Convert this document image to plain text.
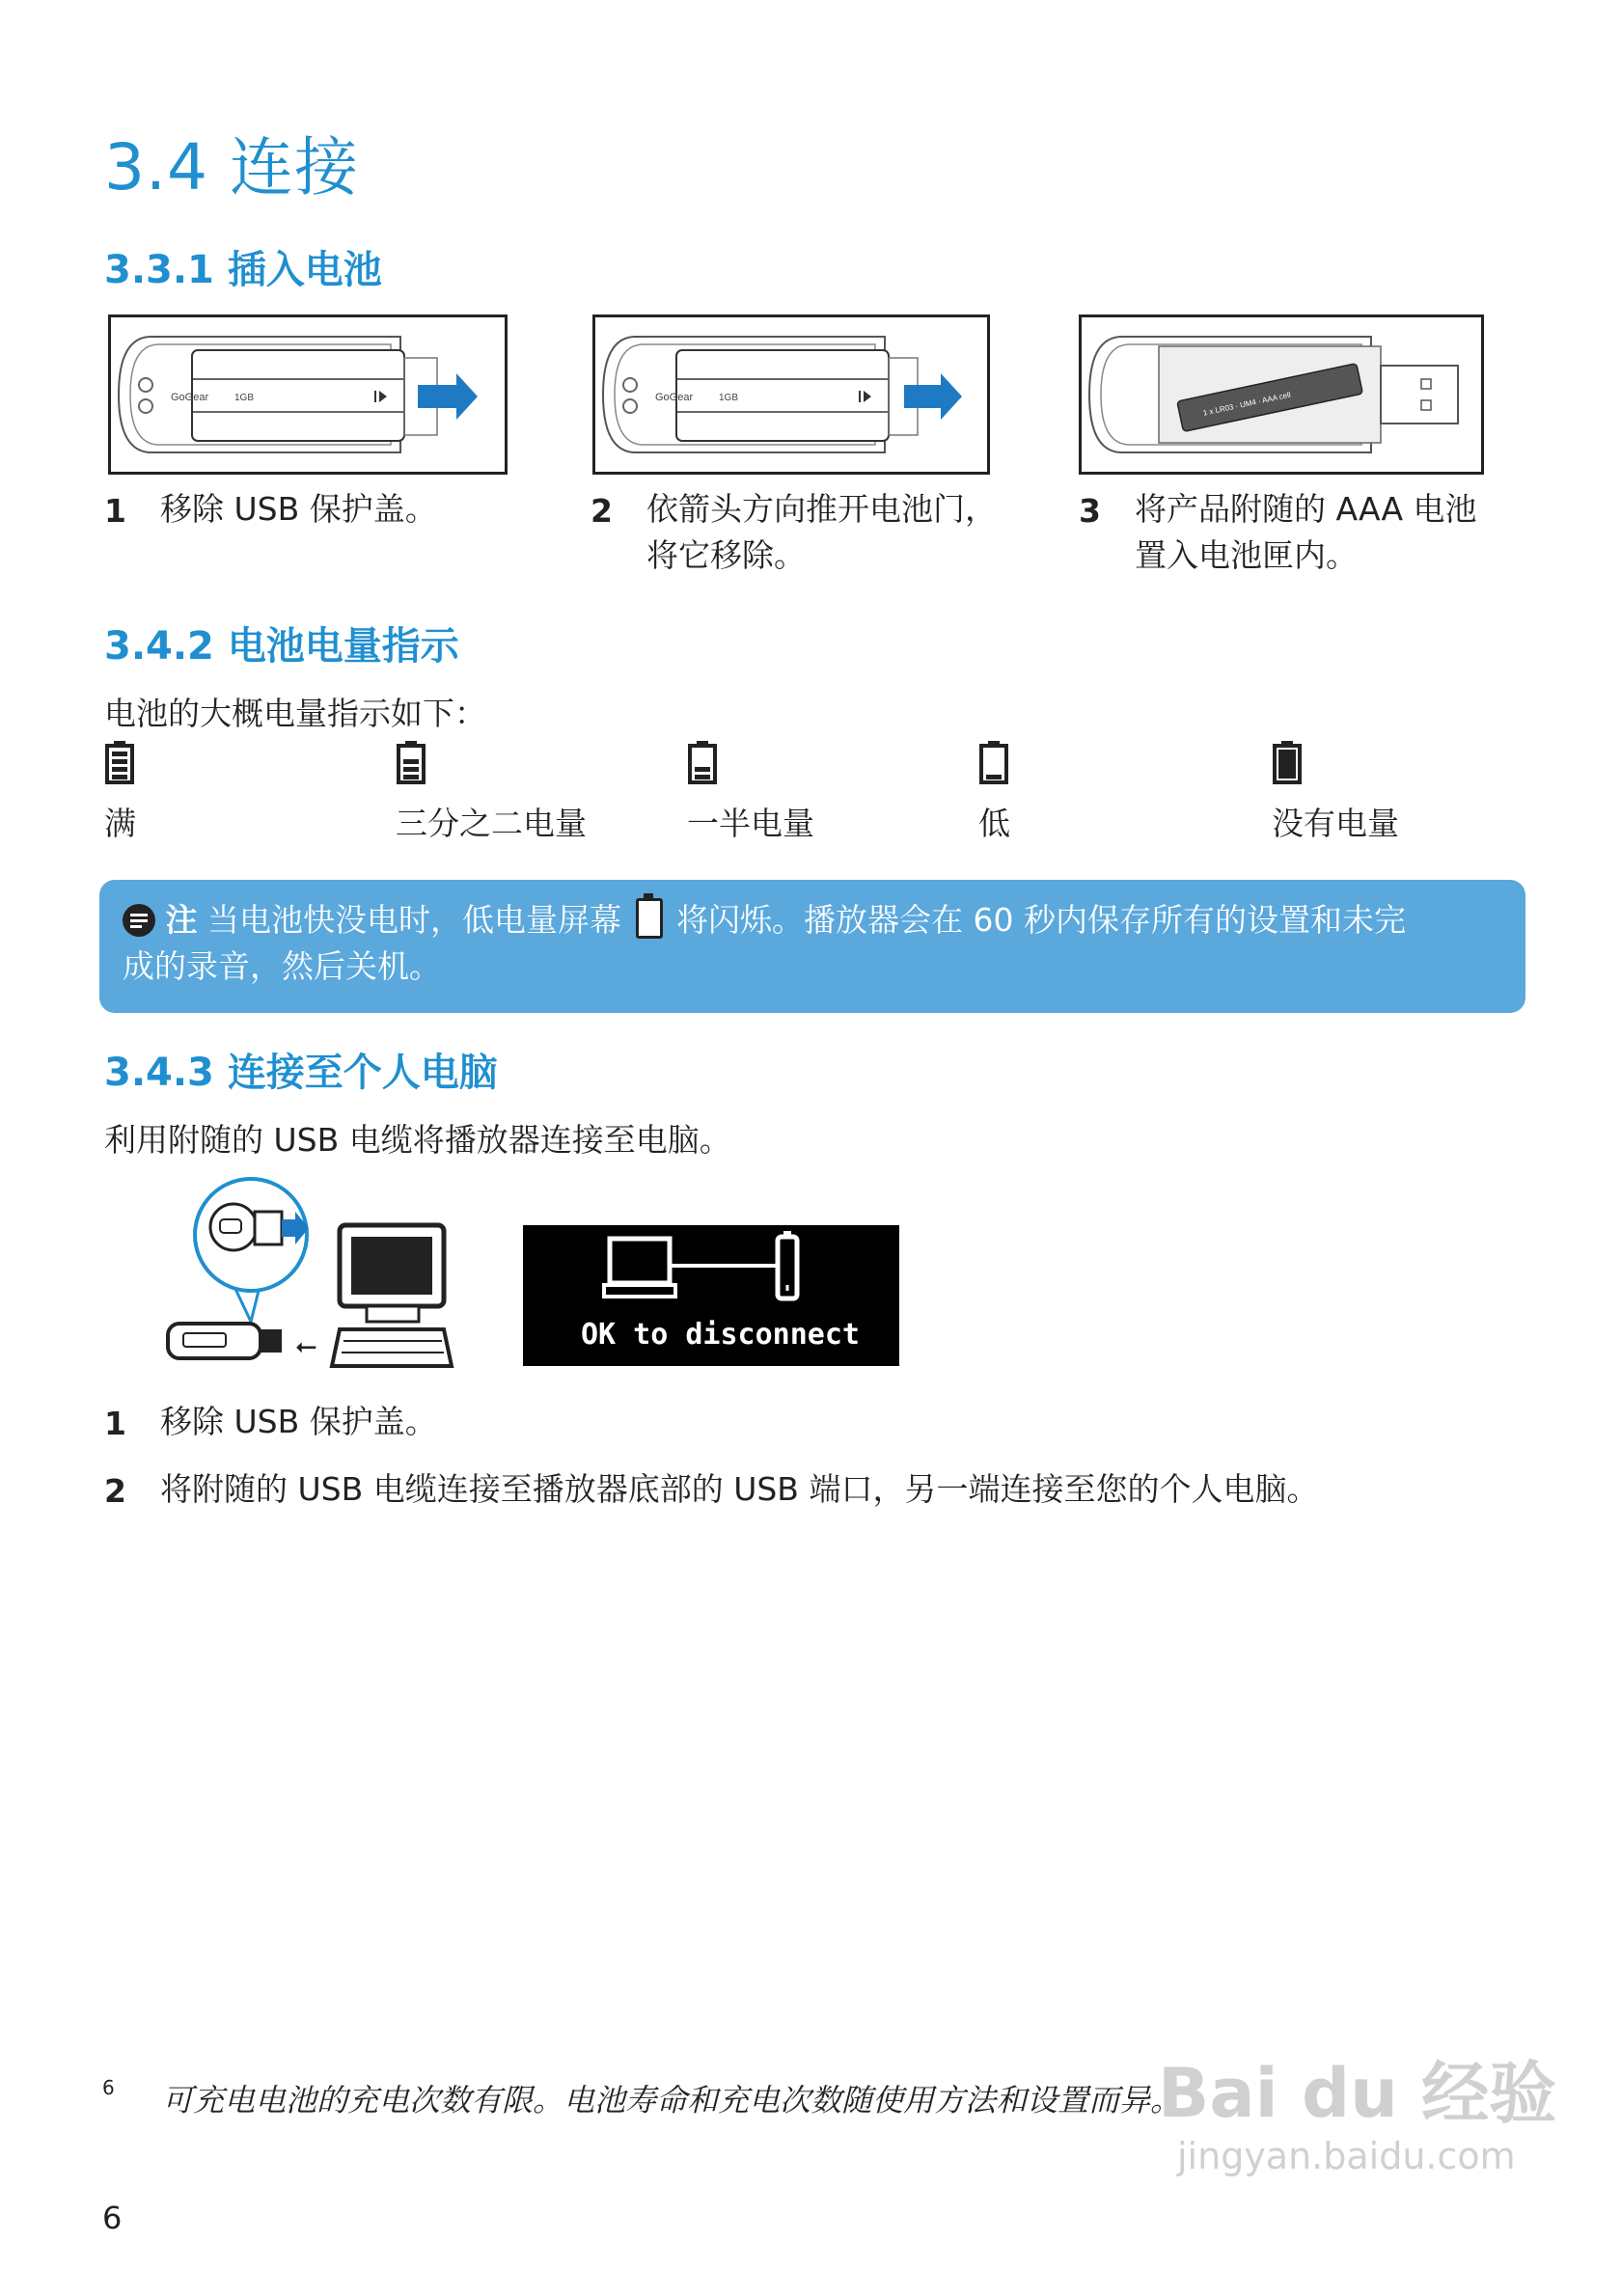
3.4 连接
3.3.1 插入电池
GoGear	1GB	GoGear	1GB	1 x LR03 · UM4 · AAA cell
1 移除 USB 保护盖。	2 依箭头方向推开电池门，
将它移除。
3 将产品附随的 AAA 电池
置入电池匣内。
3.4.2 电池电量指示
电池的大概电量指示如下：
满	三分之二电量	一半电量	低	没有电量
注 当电池快没电时，低电量屏幕 将闪烁。播放器会在 60 秒内保存所有的设置和未完
成的录音，然后关机。
3.4.3 连接至个人电脑
利用附随的 USB 电缆将播放器连接至电脑。
⭠	OK to disconnect
1 移除 USB 保护盖。
2 将附随的 USB 电缆连接至播放器底部的 USB 端口，另一端连接至您的个人电脑。
6 可充电电池的充电次数有限。电池寿命和充电次数随使用方法和设置而异。
6
Bai du 经验
jingyan.baidu.com
